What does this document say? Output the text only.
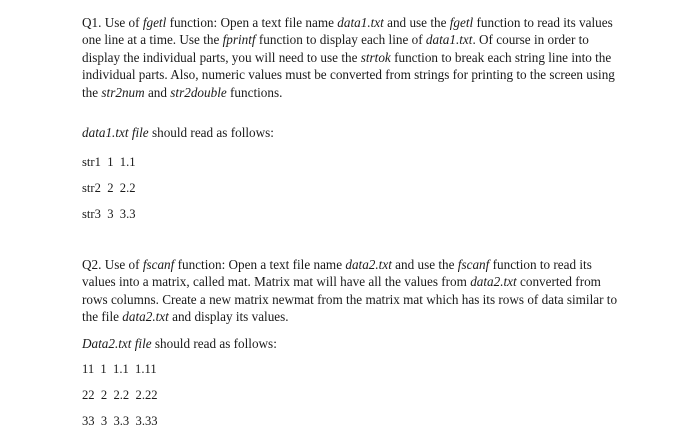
Q1. Use of fgetl function: Open a text file name data1.txt and use the fgetl function to read its values one line at a time. Use the fprintf function to display each line of data1.txt. Of course in order to display the individual parts, you will need to use the strtok function to break each string line into the individual parts. Also, numeric values must be converted from strings for printing to the screen using the str2num and str2double functions.

data1.txt file should read as follows:

str1  1  1.1

str2  2  2.2

str3  3  3.3

Q2. Use of fscanf function: Open a text file name data2.txt and use the fscanf function to read its values into a matrix, called mat. Matrix mat will have all the values from data2.txt converted from rows columns. Create a new matrix newmat from the matrix mat which has its rows of data similar to the file data2.txt and display its values.

Data2.txt file should read as follows:

11  1  1.1  1.11

22  2  2.2  2.22

33  3  3.3  3.33
